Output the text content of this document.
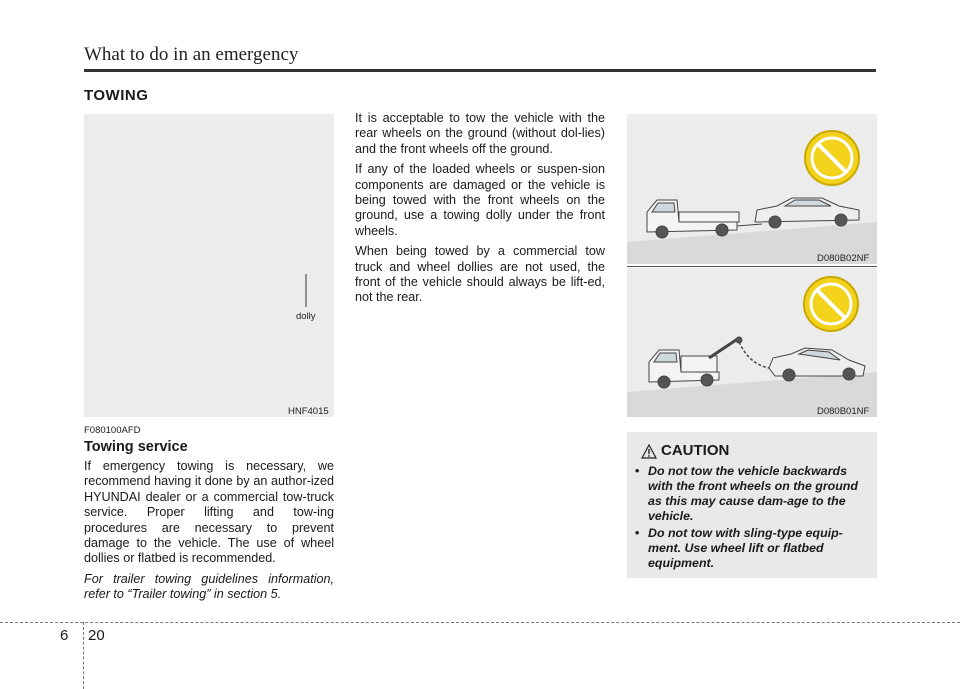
What to do in an emergency
TOWING
dolly
HNF4015
F080100AFD
Towing service

If emergency towing is necessary, we recommend having it done by an author-ized HYUNDAI dealer or a commercial tow-truck service. Proper lifting and tow-ing procedures are necessary to prevent damage to the vehicle. The use of wheel dollies or flatbed is recommended.

For trailer towing guidelines information, refer to “Trailer towing” in section 5.

It is acceptable to tow the vehicle with the rear wheels on the ground (without dol-lies) and the front wheels off the ground.

If any of the loaded wheels or suspen-sion components are damaged or the vehicle is being towed with the front wheels on the ground, use a towing dolly under the front wheels.

When being towed by a commercial tow truck and wheel dollies are not used, the front of the vehicle should always be lift-ed, not the rear.

D080B02NF
D080B01NF
CAUTION
• Do not tow the vehicle backwards with the front wheels on the ground as this may cause dam-age to the vehicle.
• Do not tow with sling-type equip-ment. Use wheel lift or flatbed equipment.
6 20
